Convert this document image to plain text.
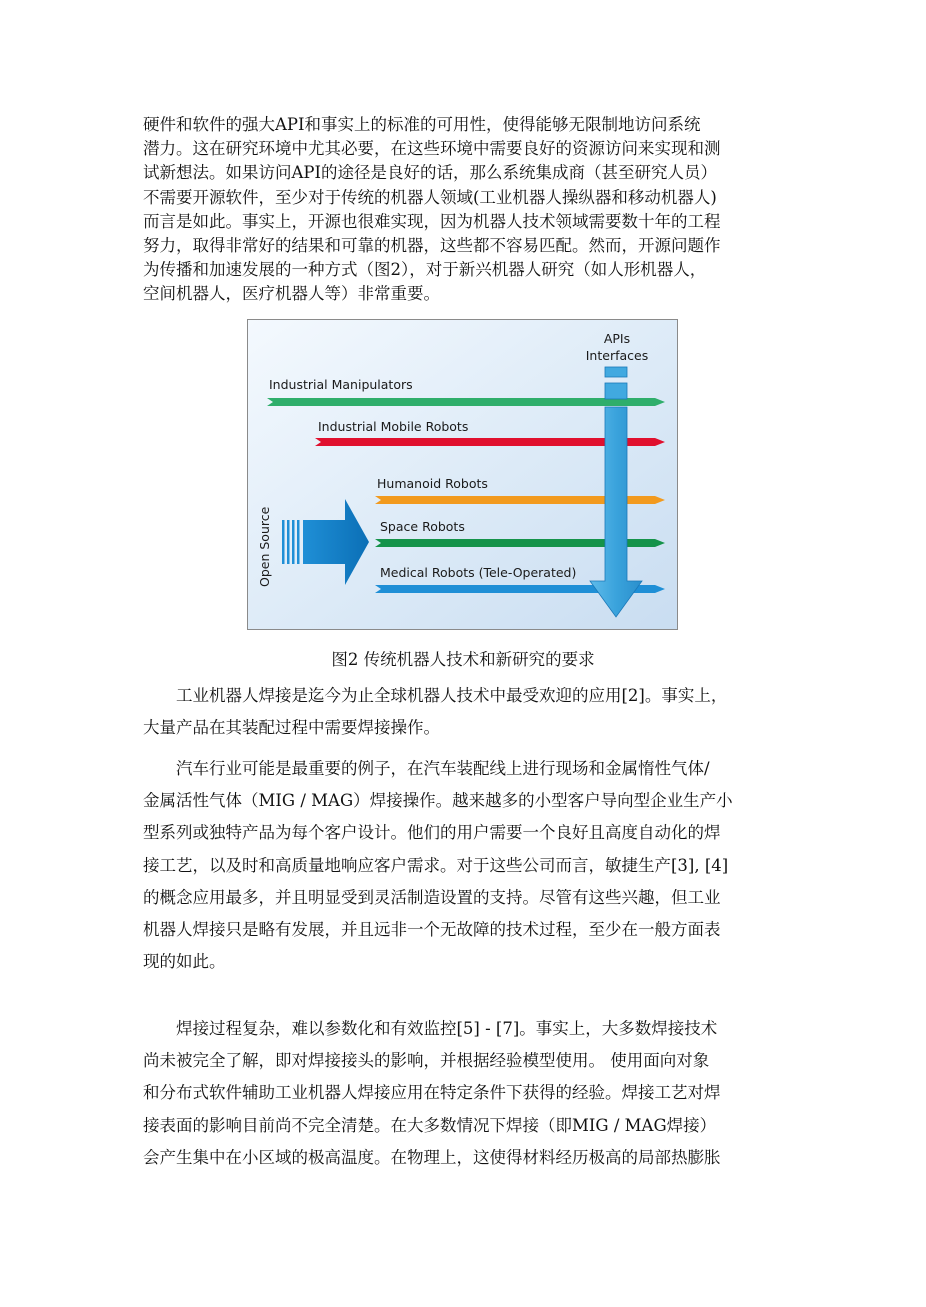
硬件和软件的强大API和事实上的标准的可用性，使得能够无限制地访问系统
潜力。这在研究环境中尤其必要，在这些环境中需要良好的资源访问来实现和测
试新想法。如果访问API的途径是良好的话，那么系统集成商（甚至研究人员）
不需要开源软件，至少对于传统的机器人领域(工业机器人操纵器和移动机器人)
而言是如此。事实上，开源也很难实现，因为机器人技术领域需要数十年的工程
努力，取得非常好的结果和可靠的机器，这些都不容易匹配。然而，开源问题作
为传播和加速发展的一种方式（图2），对于新兴机器人研究（如人形机器人，
空间机器人，医疗机器人等）非常重要。
APIs
Interfaces
Industrial Manipulators
Industrial Mobile Robots
Humanoid Robots
Space Robots
Medical Robots (Tele-Operated)
Open Source
图2 传统机器人技术和新研究的要求
工业机器人焊接是迄今为止全球机器人技术中最受欢迎的应用[2]。事实上，
大量产品在其装配过程中需要焊接操作。
汽车行业可能是最重要的例子，在汽车装配线上进行现场和金属惰性气体/
金属活性气体（MIG / MAG）焊接操作。越来越多的小型客户导向型企业生产小
型系列或独特产品为每个客户设计。他们的用户需要一个良好且高度自动化的焊
接工艺，以及时和高质量地响应客户需求。对于这些公司而言，敏捷生产[3], [4]
的概念应用最多，并且明显受到灵活制造设置的支持。尽管有这些兴趣，但工业
机器人焊接只是略有发展，并且远非一个无故障的技术过程，至少在一般方面表
现的如此。
焊接过程复杂，难以参数化和有效监控[5] - [7]。事实上，大多数焊接技术
尚未被完全了解，即对焊接接头的影响，并根据经验模型使用。 使用面向对象
和分布式软件辅助工业机器人焊接应用在特定条件下获得的经验。焊接工艺对焊
接表面的影响目前尚不完全清楚。在大多数情况下焊接（即MIG / MAG焊接）
会产生集中在小区域的极高温度。在物理上，这使得材料经历极高的局部热膨胀
